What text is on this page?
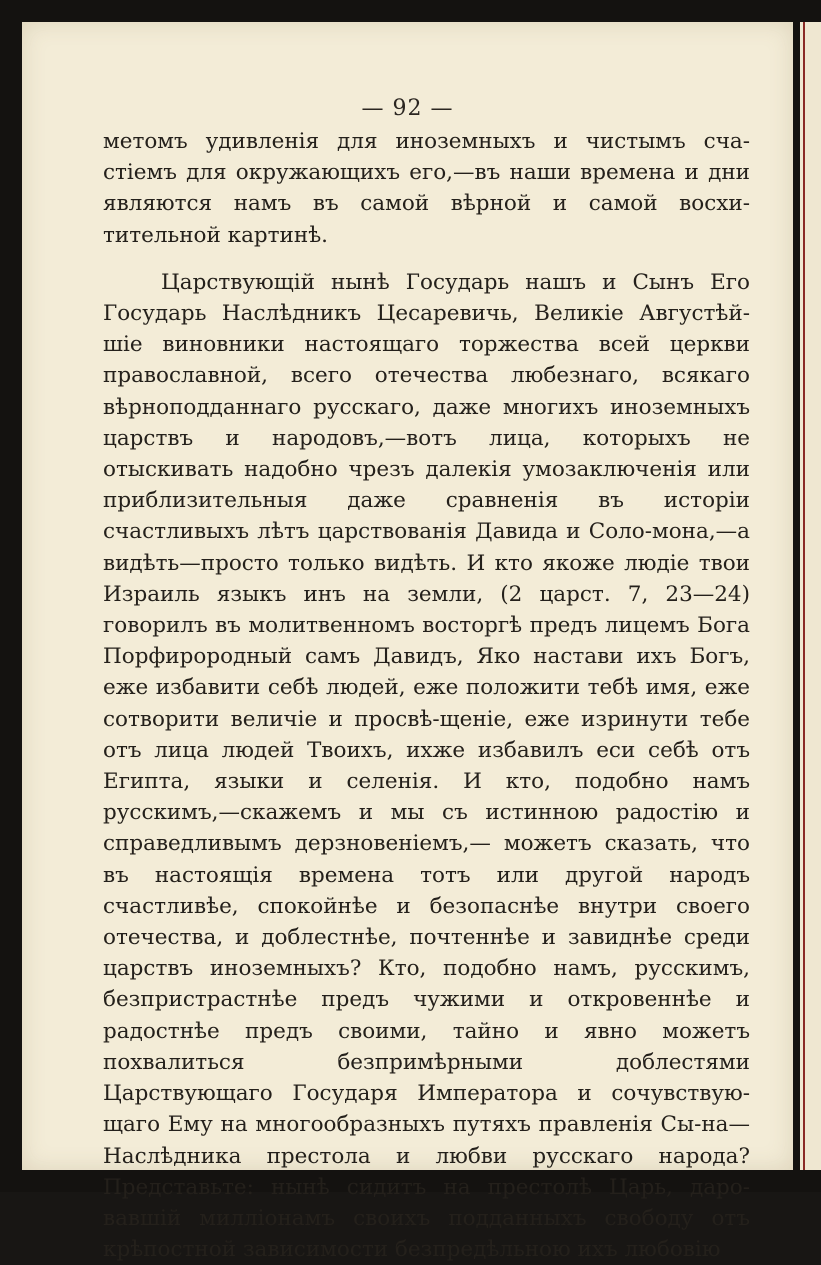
— 92 —

метомъ удивленія для иноземныхъ и чистымъ сча-стіемъ для окружающихъ его,—въ наши времена и дни являются намъ въ самой вѣрной и самой восхи-тительной картинѣ.

Царствующій нынѣ Государь нашъ и Сынъ Его Государь Наслѣдникъ Цесаревичь, Великіе Августѣй-шіе виновники настоящаго торжества всей церкви православной, всего отечества любезнаго, всякаго вѣрноподданнаго русскаго, даже многихъ иноземныхъ царствъ и народовъ,—вотъ лица, которыхъ не отыскивать надобно чрезъ далекія умозаключенія или приблизительныя даже сравненія въ исторіи счастливыхъ лѣтъ царствованія Давида и Соло-мона,—а видѣть—просто только видѣть. И кто якоже людіе твои Израиль языкъ инъ на земли, (2 царст. 7, 23—24) говорилъ въ молитвенномъ восторгѣ предъ лицемъ Бога Порфирородный самъ Давидъ, Яко настави ихъ Богъ, еже избавити себѣ людей, еже положити тебѣ имя, еже сотворити величіе и просвѣ-щеніе, еже изринути тебе отъ лица людей Твоихъ, ихже избавилъ еси себѣ отъ Египта, языки и селенія. И кто, подобно намъ русскимъ,—скажемъ и мы съ истинною радостію и справедливымъ дерзновеніемъ,— можетъ сказать, что въ настоящія времена тотъ или другой народъ счастливѣе, спокойнѣе и безопаснѣе внутри своего отечества, и доблестнѣе, почтеннѣе и завиднѣе среди царствъ иноземныхъ? Кто, подобно намъ, русскимъ, безпристрастнѣе предъ чужими и откровеннѣе и радостнѣе предъ своими, тайно и явно можетъ похвалиться безпримѣрными доблестями Царствующаго Государя Императора и сочувствую-щаго Ему на многообразныхъ путяхъ правленія Сы-на—Наслѣдника престола и любви русскаго народа? Представьте: нынѣ сидитъ на престолѣ Царь, даро-вавшій милліонамъ своихъ подданныхъ свободу отъ крѣпостной зависимости безпредѣльною ихъ любовію
